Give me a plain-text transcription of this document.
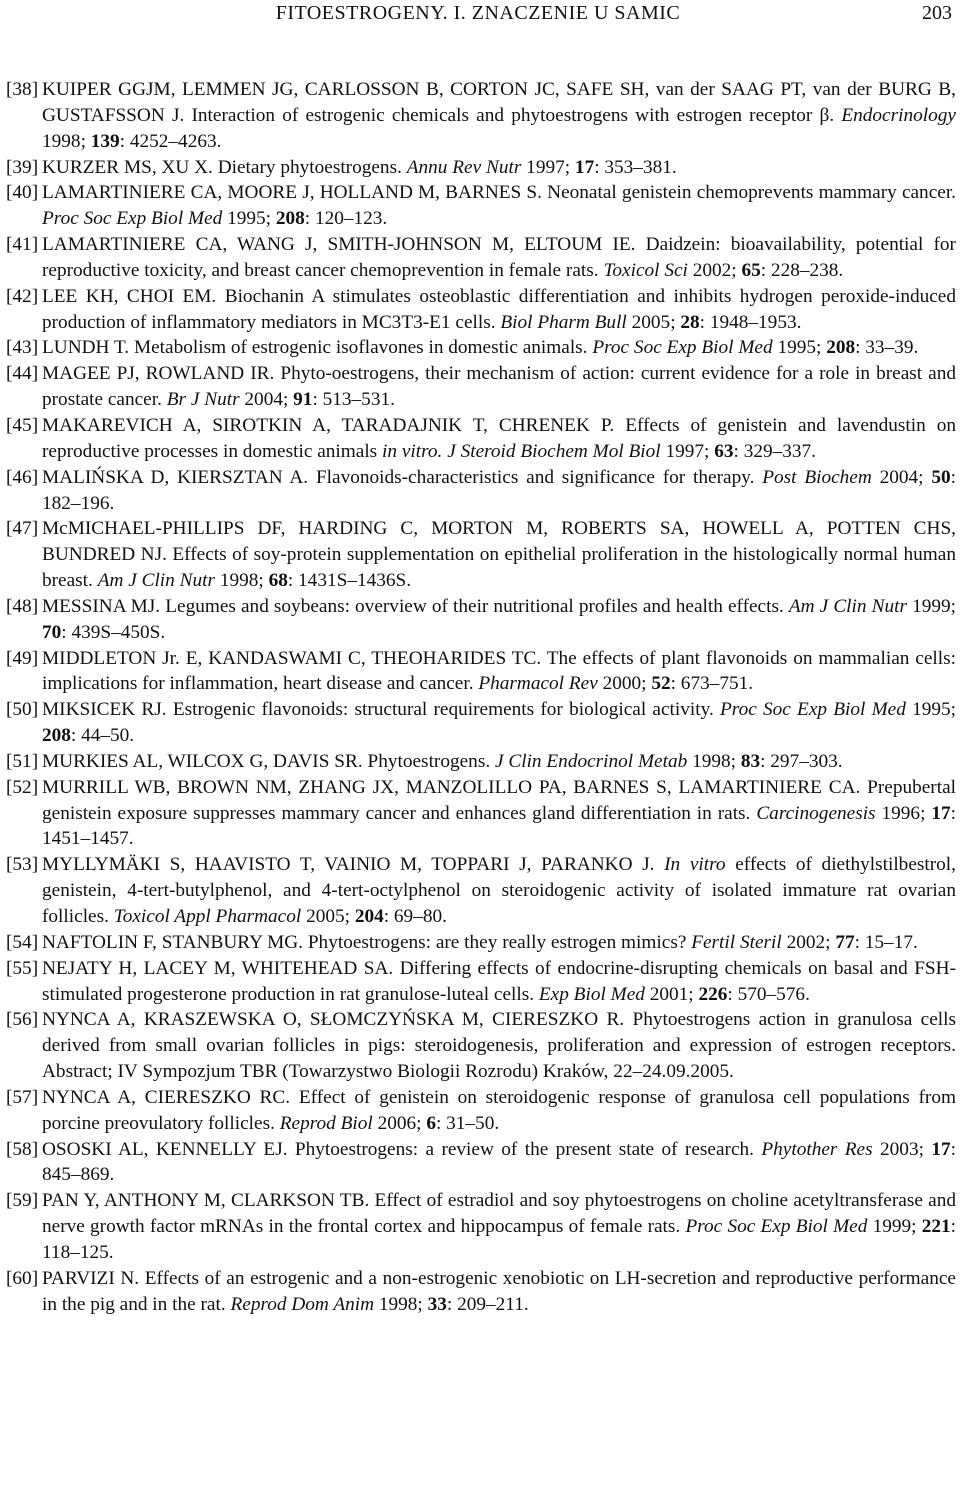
FITOESTROGENY. I. ZNACZENIE U SAMIC	203

[38] KUIPER GGJM, LEMMEN JG, CARLOSSON B, CORTON JC, SAFE SH, van der SAAG PT, van der BURG B, GUSTAFSSON J. Interaction of estrogenic chemicals and phytoestrogens with estrogen receptor β. Endocrinology 1998; 139: 4252–4263.

[39] KURZER MS, XU X. Dietary phytoestrogens. Annu Rev Nutr 1997; 17: 353–381.

[40] LAMARTINIERE CA, MOORE J, HOLLAND M, BARNES S. Neonatal genistein chemoprevents mammary cancer. Proc Soc Exp Biol Med 1995; 208: 120–123.

[41] LAMARTINIERE CA, WANG J, SMITH-JOHNSON M, ELTOUM IE. Daidzein: bioavailability, potential for reproductive toxicity, and breast cancer chemoprevention in female rats. Toxicol Sci 2002; 65: 228–238.

[42] LEE KH, CHOI EM. Biochanin A stimulates osteoblastic differentiation and inhibits hydrogen peroxide-induced production of inflammatory mediators in MC3T3-E1 cells. Biol Pharm Bull 2005; 28: 1948–1953.

[43] LUNDH T. Metabolism of estrogenic isoflavones in domestic animals. Proc Soc Exp Biol Med 1995; 208: 33–39.

[44] MAGEE PJ, ROWLAND IR. Phyto-oestrogens, their mechanism of action: current evidence for a role in breast and prostate cancer. Br J Nutr 2004; 91: 513–531.

[45] MAKAREVICH A, SIROTKIN A, TARADAJNIK T, CHRENEK P. Effects of genistein and lavendustin on reproductive processes in domestic animals in vitro. J Steroid Biochem Mol Biol 1997; 63: 329–337.

[46] MALIŃSKA D, KIERSZTAN A. Flavonoids-characteristics and significance for therapy. Post Biochem 2004; 50: 182–196.

[47] McMICHAEL-PHILLIPS DF, HARDING C, MORTON M, ROBERTS SA, HOWELL A, POTTEN CHS, BUNDRED NJ. Effects of soy-protein supplementation on epithelial proliferation in the histologically normal human breast. Am J Clin Nutr 1998; 68: 1431S–1436S.

[48] MESSINA MJ. Legumes and soybeans: overview of their nutritional profiles and health effects. Am J Clin Nutr 1999; 70: 439S–450S.

[49] MIDDLETON Jr. E, KANDASWAMI C, THEOHARIDES TC. The effects of plant flavonoids on mammalian cells: implications for inflammation, heart disease and cancer. Pharmacol Rev 2000; 52: 673–751.

[50] MIKSICEK RJ. Estrogenic flavonoids: structural requirements for biological activity. Proc Soc Exp Biol Med 1995; 208: 44–50.

[51] MURKIES AL, WILCOX G, DAVIS SR. Phytoestrogens. J Clin Endocrinol Metab 1998; 83: 297–303.

[52] MURRILL WB, BROWN NM, ZHANG JX, MANZOLILLO PA, BARNES S, LAMARTINIERE CA. Prepubertal genistein exposure suppresses mammary cancer and enhances gland differentiation in rats. Carcinogenesis 1996; 17: 1451–1457.

[53] MYLLYMÄKI S, HAAVISTO T, VAINIO M, TOPPARI J, PARANKO J. In vitro effects of diethylstilbestrol, genistein, 4-tert-butylphenol, and 4-tert-octylphenol on steroidogenic activity of isolated immature rat ovarian follicles. Toxicol Appl Pharmacol 2005; 204: 69–80.

[54] NAFTOLIN F, STANBURY MG. Phytoestrogens: are they really estrogen mimics? Fertil Steril 2002; 77: 15–17.

[55] NEJATY H, LACEY M, WHITEHEAD SA. Differing effects of endocrine-disrupting chemicals on basal and FSH-stimulated progesterone production in rat granulose-luteal cells. Exp Biol Med 2001; 226: 570–576.

[56] NYNCA A, KRASZEWSKA O, SŁOMCZYŃSKA M, CIERESZKO R. Phytoestrogens action in granulosa cells derived from small ovarian follicles in pigs: steroidogenesis, proliferation and expression of estrogen receptors. Abstract; IV Sympozjum TBR (Towarzystwo Biologii Rozrodu) Kraków, 22–24.09.2005.

[57] NYNCA A, CIERESZKO RC. Effect of genistein on steroidogenic response of granulosa cell populations from porcine preovulatory follicles. Reprod Biol 2006; 6: 31–50.

[58] OSOSKI AL, KENNELLY EJ. Phytoestrogens: a review of the present state of research. Phytother Res 2003; 17: 845–869.

[59] PAN Y, ANTHONY M, CLARKSON TB. Effect of estradiol and soy phytoestrogens on choline acetyltransferase and nerve growth factor mRNAs in the frontal cortex and hippocampus of female rats. Proc Soc Exp Biol Med 1999; 221: 118–125.

[60] PARVIZI N. Effects of an estrogenic and a non-estrogenic xenobiotic on LH-secretion and reproductive performance in the pig and in the rat. Reprod Dom Anim 1998; 33: 209–211.
